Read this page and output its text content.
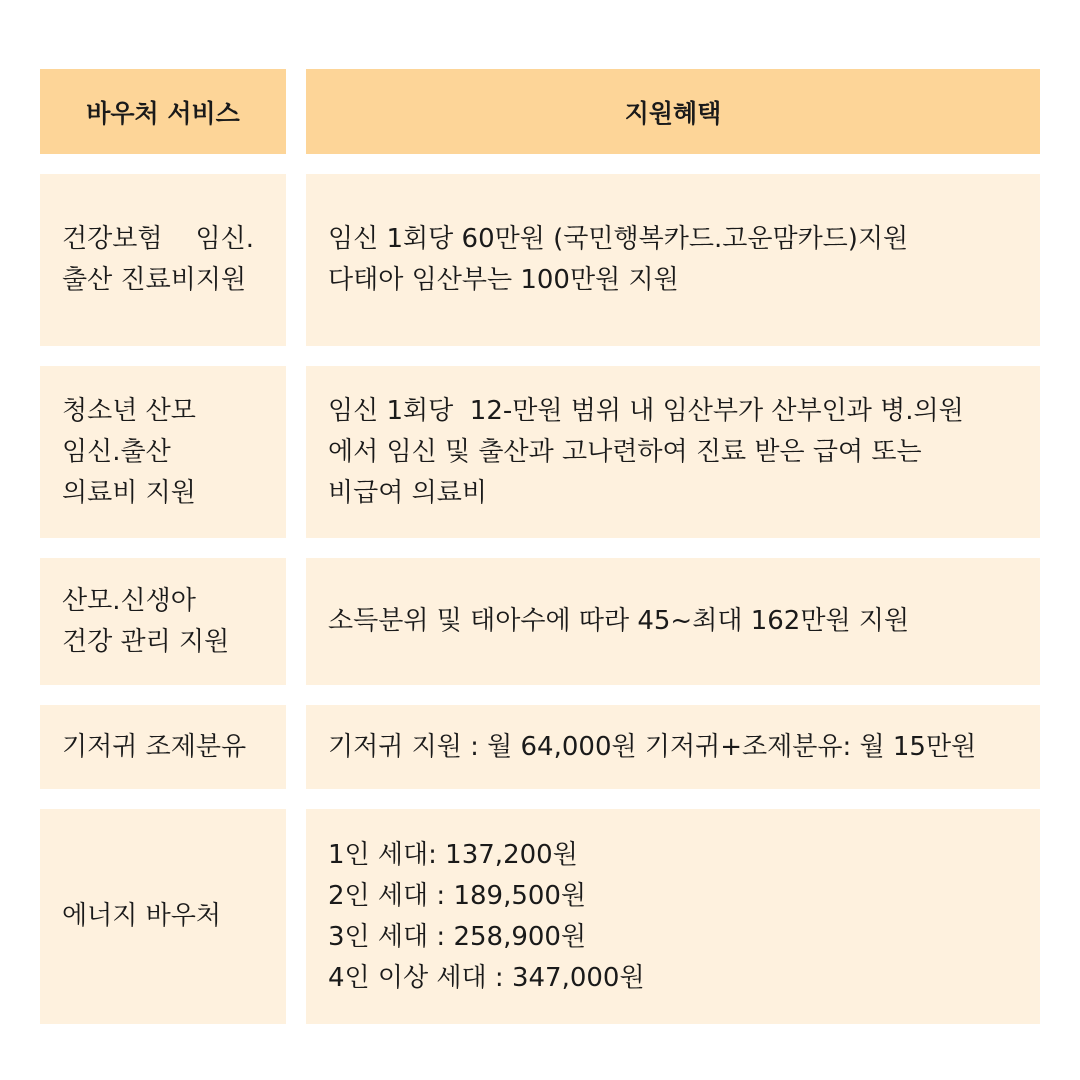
바우처 서비스	지원혜택
건강보험    임신.
출산 진료비지원
임신 1회당 60만원 (국민행복카드.고운맘카드)지원
다태아 임산부는 100만원 지원
청소년 산모
임신.출산
의료비 지원
임신 1회당  12-만원 범위 내 임산부가 산부인과 병.의원
에서 임신 및 출산과 고나련하여 진료 받은 급여 또는
비급여 의료비
산모.신생아
건강 관리 지원
소득분위 및 태아수에 따라 45~최대 162만원 지원
기저귀 조제분유	기저귀 지원 : 월 64,000원 기저귀+조제분유: 월 15만원
에너지 바우처
1인 세대: 137,200원
2인 세대 : 189,500원
3인 세대 : 258,900원
4인 이상 세대 : 347,000원
